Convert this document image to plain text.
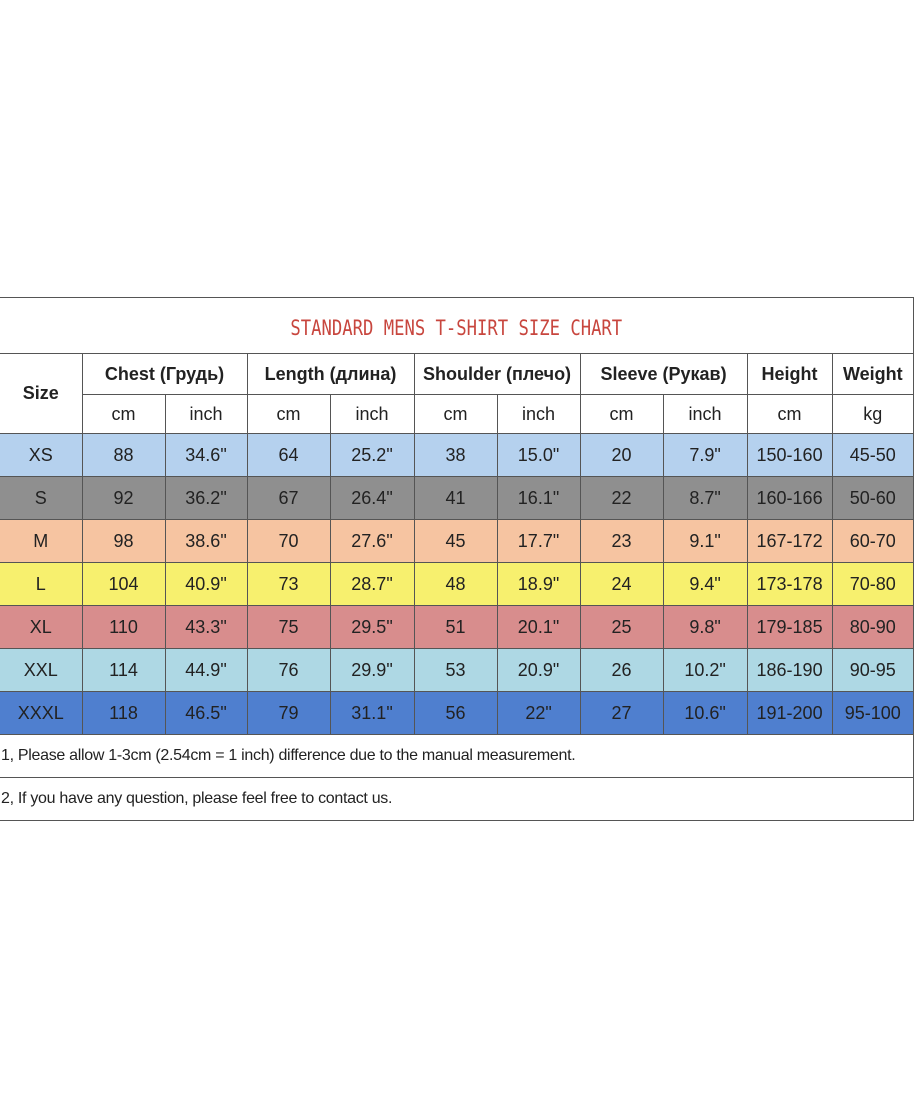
STANDARD MENS T-SHIRT SIZE CHART
Size	Chest (Грудь)		Length (длина)		Shoulder (плечо)		Sleeve (Рукав)		Height	Weight
	cm	inch	cm	inch	cm	inch	cm	inch	cm	kg
XS	88	34.6"	64	25.2"	38	15.0"	20	7.9"	150-160	45-50
S	92	36.2"	67	26.4"	41	16.1"	22	8.7"	160-166	50-60
M	98	38.6"	70	27.6"	45	17.7"	23	9.1"	167-172	60-70
L	104	40.9"	73	28.7"	48	18.9"	24	9.4"	173-178	70-80
XL	110	43.3"	75	29.5"	51	20.1"	25	9.8"	179-185	80-90
XXL	114	44.9"	76	29.9"	53	20.9"	26	10.2"	186-190	90-95
XXXL	118	46.5"	79	31.1"	56	22"	27	10.6"	191-200	95-100
1, Please allow 1-3cm (2.54cm = 1 inch) difference due to the manual measurement.										
2, If you have any question, please feel free to contact us.										
